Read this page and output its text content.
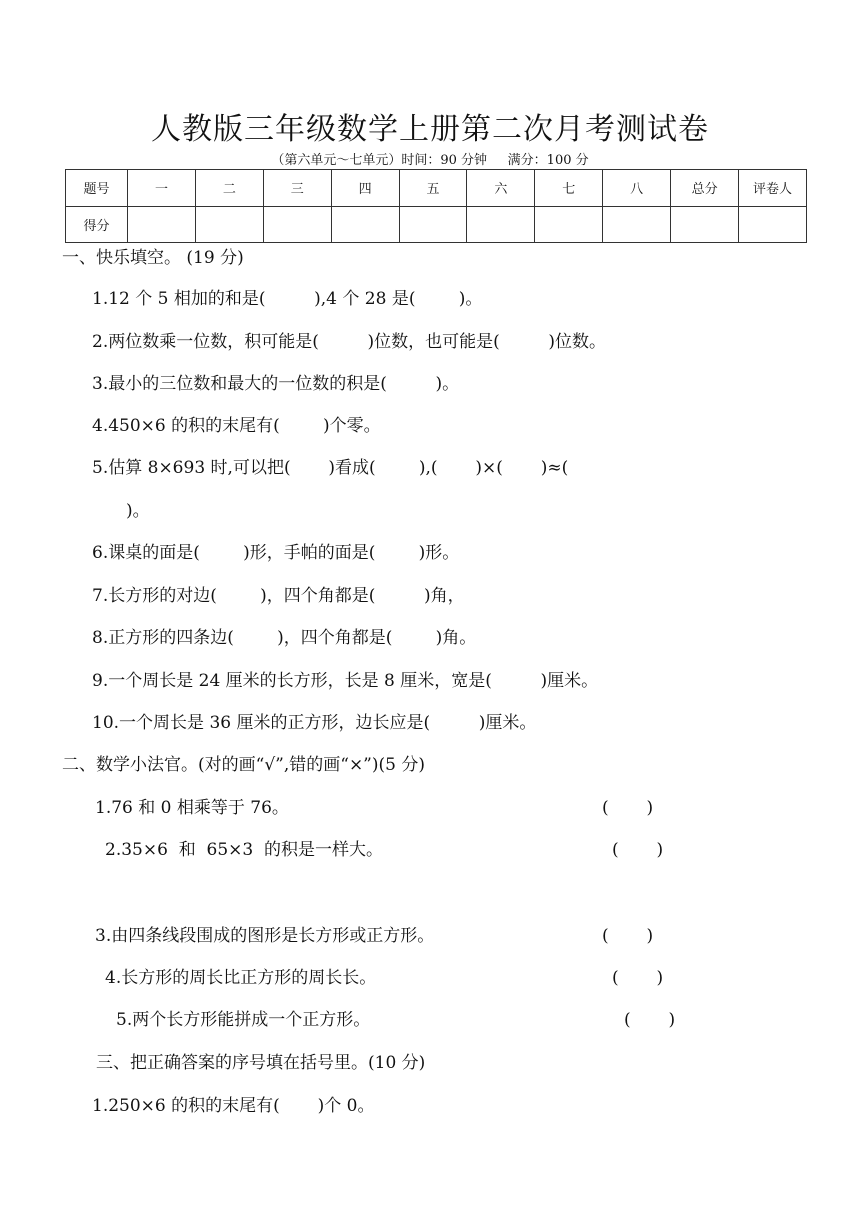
人教版三年级数学上册第二次月考测试卷
（第六单元～七单元）时间：90 分钟     满分：100 分
题号	一	二	三	四	五	六	七	八	总分	评卷人
得分										
一、快乐填空。 (19 分)
1.12 个 5 相加的和是(         ),4 个 28 是(        )。
2.两位数乘一位数，积可能是(         )位数，也可能是(         )位数。
3.最小的三位数和最大的一位数的积是(         )。
4.450×6 的积的末尾有(        )个零。
5.估算 8×693 时,可以把(       )看成(        ),(       )×(       )≈(
)。
6.课桌的面是(        )形，手帕的面是(        )形。
7.长方形的对边(        )，四个角都是(         )角，
8.正方形的四条边(        )，四个角都是(        )角。
9.一个周长是 24 厘米的长方形，长是 8 厘米，宽是(         )厘米。
10.一个周长是 36 厘米的正方形，边长应是(         )厘米。
二、数学小法官。(对的画“√”,错的画“×”)(5 分)
1.76 和 0 相乘等于 76。	(       )
2.35×6  和  65×3  的积是一样大。	(       )
3.由四条线段围成的图形是长方形或正方形。	(       )
4.长方形的周长比正方形的周长长。	(       )
5.两个长方形能拼成一个正方形。	(       )
三、把正确答案的序号填在括号里。(10 分)
1.250×6 的积的末尾有(       )个 0。
